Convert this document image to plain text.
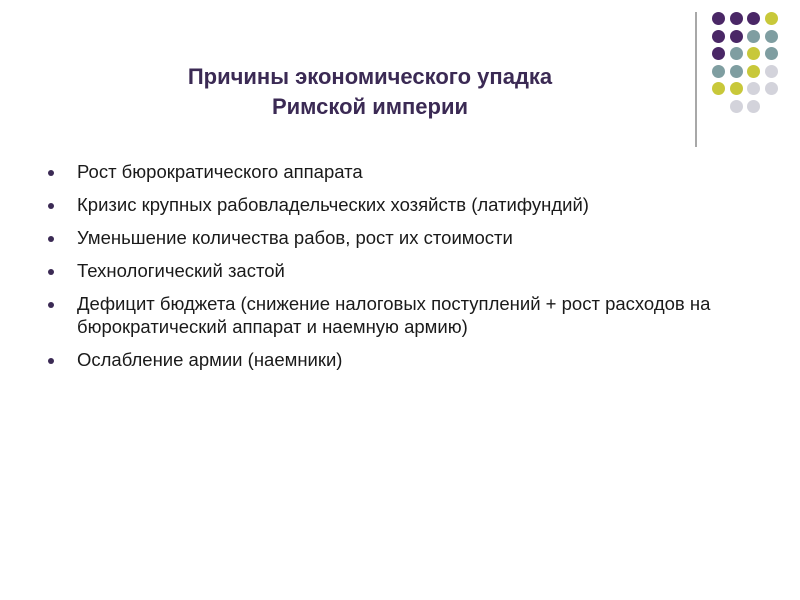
Причины экономического упадка
Римской империи
Рост бюрократического аппарата
Кризис крупных рабовладельческих хозяйств (латифундий)
Уменьшение количества рабов, рост их стоимости
Технологический застой
Дефицит бюджета (снижение налоговых поступлений + рост расходов на бюрократический аппарат и наемную армию)
Ослабление армии (наемники)
